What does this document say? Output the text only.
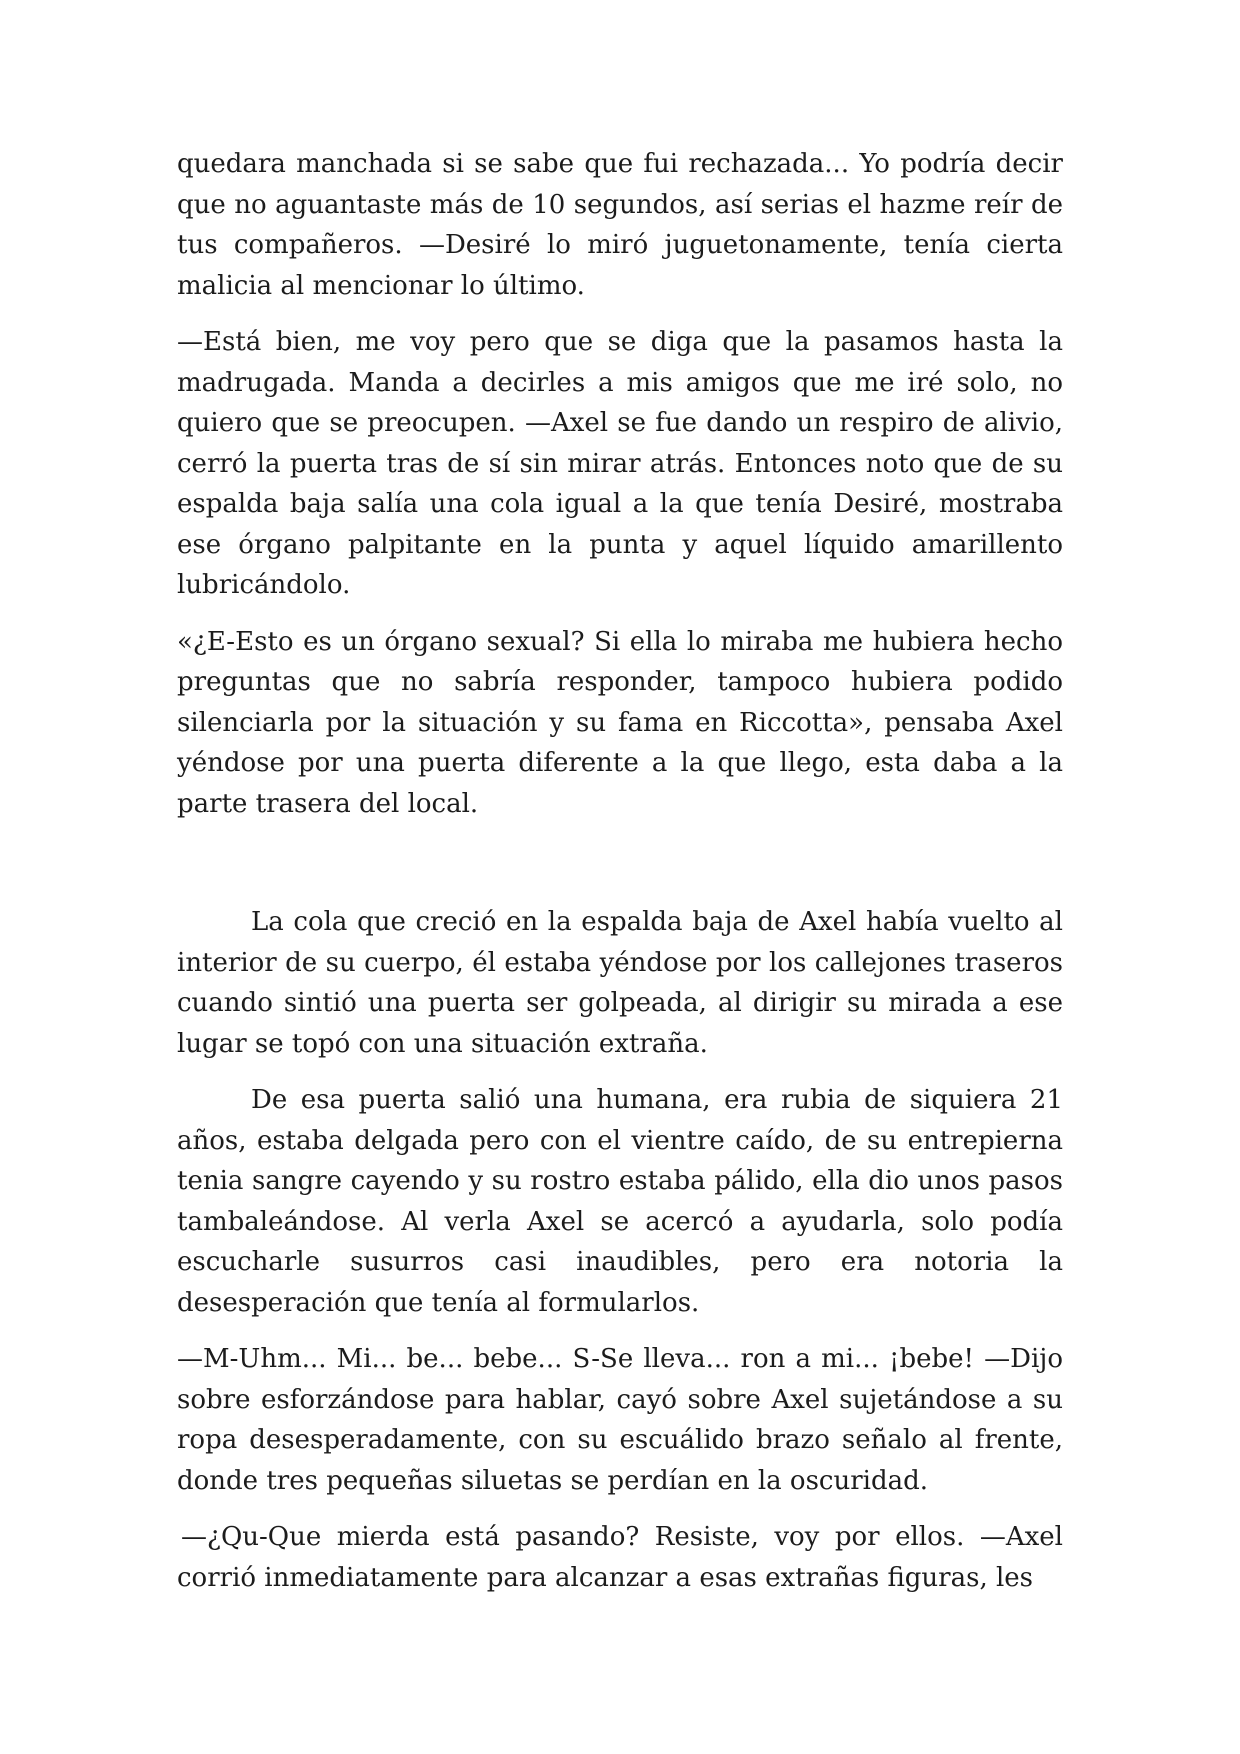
quedara manchada si se sabe que fui rechazada... Yo podría decir que no aguantaste más de 10 segundos, así serias el hazme reír de tus compañeros. —Desiré lo miró juguetonamente, tenía cierta malicia al mencionar lo último.

—Está bien, me voy pero que se diga que la pasamos hasta la madrugada. Manda a decirles a mis amigos que me iré solo, no quiero que se preocupen. —Axel se fue dando un respiro de alivio, cerró la puerta tras de sí sin mirar atrás. Entonces noto que de su espalda baja salía una cola igual a la que tenía Desiré, mostraba ese órgano palpitante en la punta y aquel líquido amarillento lubricándolo.

«¿E-Esto es un órgano sexual? Si ella lo miraba me hubiera hecho preguntas que no sabría responder, tampoco hubiera podido silenciarla por la situación y su fama en Riccotta», pensaba Axel yéndose por una puerta diferente a la que llego, esta daba a la parte trasera del local.

La cola que creció en la espalda baja de Axel había vuelto al interior de su cuerpo, él estaba yéndose por los callejones traseros cuando sintió una puerta ser golpeada, al dirigir su mirada a ese lugar se topó con una situación extraña.

De esa puerta salió una humana, era rubia de siquiera 21 años, estaba delgada pero con el vientre caído, de su entrepierna tenia sangre cayendo y su rostro estaba pálido, ella dio unos pasos tambaleándose. Al verla Axel se acercó a ayudarla, solo podía escucharle susurros casi inaudibles, pero era notoria la desesperación que tenía al formularlos.

—M-Uhm... Mi... be... bebe... S-Se lleva... ron a mi... ¡bebe! —Dijo sobre esforzándose para hablar, cayó sobre Axel sujetándose a su ropa desesperadamente, con su escuálido brazo señalo al frente, donde tres pequeñas siluetas se perdían en la oscuridad.

—¿Qu-Que mierda está pasando? Resiste, voy por ellos. —Axel corrió inmediatamente para alcanzar a esas extrañas figuras, les
